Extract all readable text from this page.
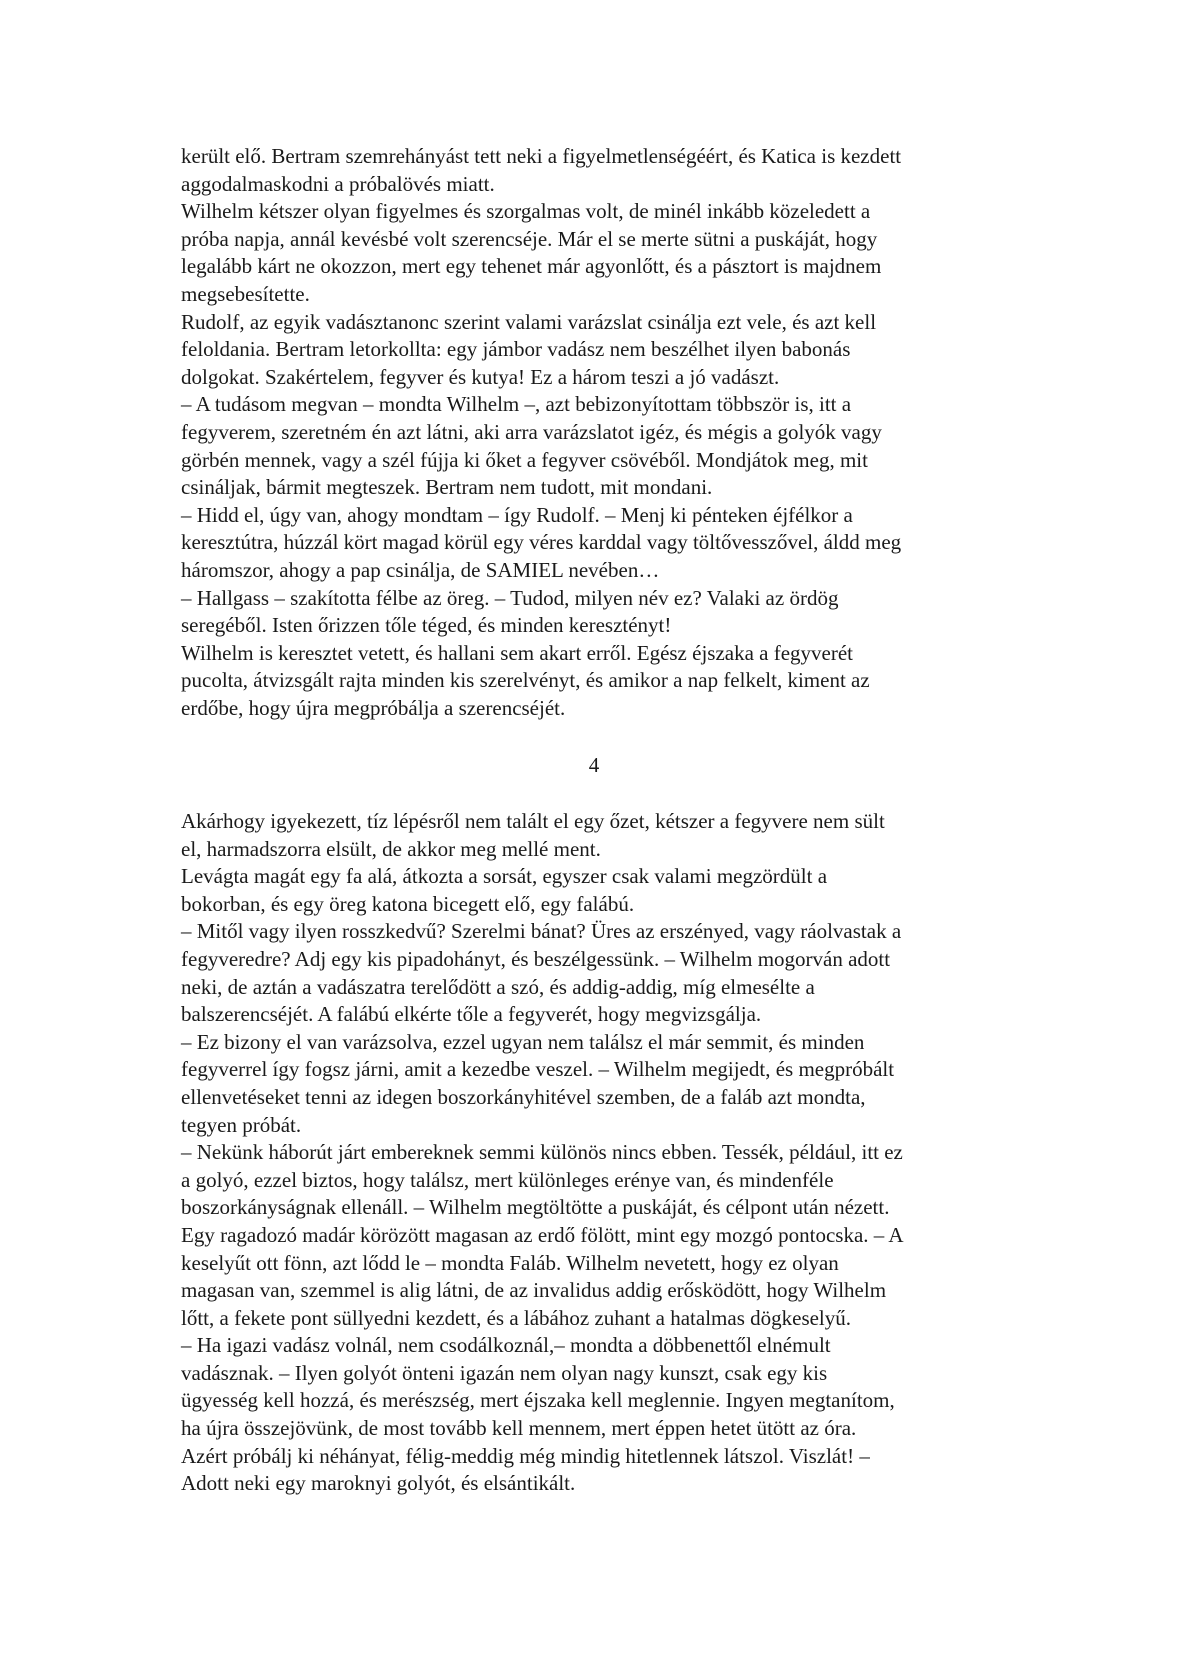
került elő. Bertram szemrehányást tett neki a figyelmetlenségéért, és Katica is kezdett

aggodalmaskodni a próbalövés miatt.

Wilhelm kétszer olyan figyelmes és szorgalmas volt, de minél inkább közeledett a

próba napja, annál kevésbé volt szerencséje. Már el se merte sütni a puskáját, hogy

legalább kárt ne okozzon, mert egy tehenet már agyonlőtt, és a pásztort is majdnem

megsebesítette.

Rudolf, az egyik vadásztanonc szerint valami varázslat csinálja ezt vele, és azt kell

feloldania. Bertram letorkollta: egy jámbor vadász nem beszélhet ilyen babonás

dolgokat. Szakértelem, fegyver és kutya! Ez a három teszi a jó vadászt.

– A tudásom megvan – mondta Wilhelm –, azt bebizonyítottam többször is, itt a

fegyverem, szeretném én azt látni, aki arra varázslatot igéz, és mégis a golyók vagy

görbén mennek, vagy a szél fújja ki őket a fegyver csövéből. Mondjátok meg, mit

csináljak, bármit megteszek. Bertram nem tudott, mit mondani.

– Hidd el, úgy van, ahogy mondtam – így Rudolf. – Menj ki pénteken éjfélkor a

keresztútra, húzzál kört magad körül egy véres karddal vagy töltővesszővel, áldd meg

háromszor, ahogy a pap csinálja, de SAMIEL nevében…

– Hallgass – szakította félbe az öreg. – Tudod, milyen név ez? Valaki az ördög

seregéből. Isten őrizzen tőle téged, és minden keresztényt!

Wilhelm is keresztet vetett, és hallani sem akart erről. Egész éjszaka a fegyverét

pucolta, átvizsgált rajta minden kis szerelvényt, és amikor a nap felkelt, kiment az

erdőbe, hogy újra megpróbálja a szerencséjét.

4

Akárhogy igyekezett, tíz lépésről nem talált el egy őzet, kétszer a fegyvere nem sült

el, harmadszorra elsült, de akkor meg mellé ment.

Levágta magát egy fa alá, átkozta a sorsát, egyszer csak valami megzördült a

bokorban, és egy öreg katona bicegett elő, egy falábú.

– Mitől vagy ilyen rosszkedvű? Szerelmi bánat? Üres az erszényed, vagy ráolvastak a

fegyveredre? Adj egy kis pipadohányt, és beszélgessünk. – Wilhelm mogorván adott

neki, de aztán a vadászatra terelődött a szó, és addig-addig, míg elmesélte a

balszerencséjét. A falábú elkérte tőle a fegyverét, hogy megvizsgálja.

– Ez bizony el van varázsolva, ezzel ugyan nem találsz el már semmit, és minden

fegyverrel így fogsz járni, amit a kezedbe veszel. – Wilhelm megijedt, és megpróbált

ellenvetéseket tenni az idegen boszorkányhitével szemben, de a faláb azt mondta,

tegyen próbát.

– Nekünk háborút járt embereknek semmi különös nincs ebben. Tessék, például, itt ez

a golyó, ezzel biztos, hogy találsz, mert különleges erénye van, és mindenféle

boszorkányságnak ellenáll. – Wilhelm megtöltötte a puskáját, és célpont után nézett.

Egy ragadozó madár körözött magasan az erdő fölött, mint egy mozgó pontocska. – A

keselyűt ott fönn, azt lődd le – mondta Faláb. Wilhelm nevetett, hogy ez olyan

magasan van, szemmel is alig látni, de az invalidus addig erősködött, hogy Wilhelm

lőtt, a fekete pont süllyedni kezdett, és a lábához zuhant a hatalmas dögkeselyű.

– Ha igazi vadász volnál, nem csodálkoznál,– mondta a döbbenettől elnémult

vadásznak. – Ilyen golyót önteni igazán nem olyan nagy kunszt, csak egy kis

ügyesség kell hozzá, és merészség, mert éjszaka kell meglennie. Ingyen megtanítom,

ha újra összejövünk, de most tovább kell mennem, mert éppen hetet ütött az óra.

Azért próbálj ki néhányat, félig-meddig még mindig hitetlennek látszol. Viszlát! –

Adott neki egy maroknyi golyót, és elsántikált.
